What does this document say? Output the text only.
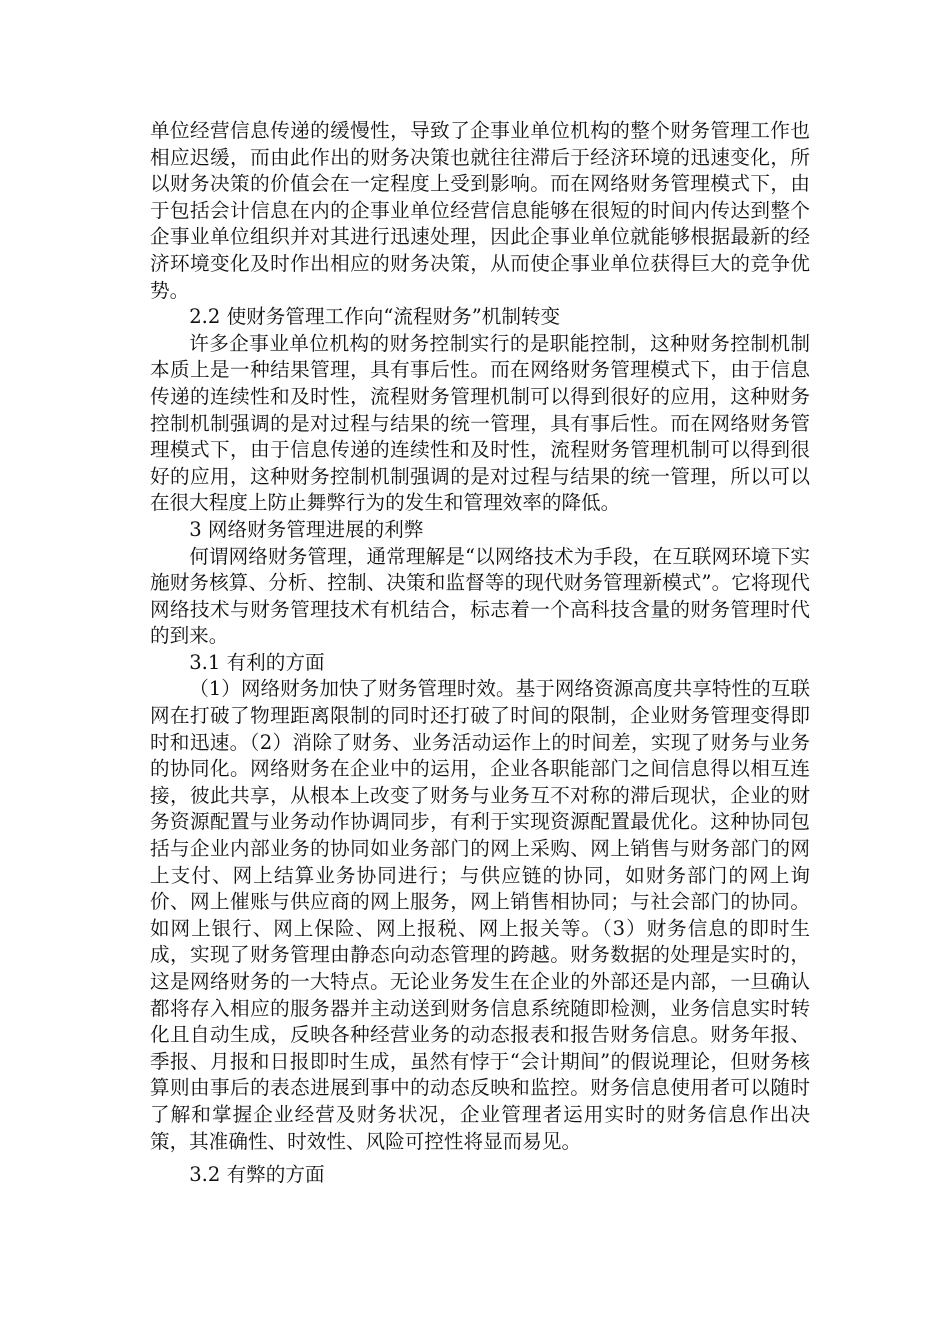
单位经营信息传递的缓慢性，导致了企事业单位机构的整个财务管理工作也相应迟缓，而由此作出的财务决策也就往往滞后于经济环境的迅速变化，所以财务决策的价值会在一定程度上受到影响。而在网络财务管理模式下，由于包括会计信息在内的企事业单位经营信息能够在很短的时间内传达到整个企事业单位组织并对其进行迅速处理，因此企事业单位就能够根据最新的经济环境变化及时作出相应的财务决策，从而使企事业单位获得巨大的竞争优势。

2.2 使财务管理工作向“流程财务”机制转变

许多企事业单位机构的财务控制实行的是职能控制，这种财务控制机制本质上是一种结果管理，具有事后性。而在网络财务管理模式下，由于信息传递的连续性和及时性，流程财务管理机制可以得到很好的应用，这种财务控制机制强调的是对过程与结果的统一管理，具有事后性。而在网络财务管理模式下，由于信息传递的连续性和及时性，流程财务管理机制可以得到很好的应用，这种财务控制机制强调的是对过程与结果的统一管理，所以可以在很大程度上防止舞弊行为的发生和管理效率的降低。

3 网络财务管理进展的利弊

何谓网络财务管理，通常理解是“以网络技术为手段，在互联网环境下实施财务核算、分析、控制、决策和监督等的现代财务管理新模式”。它将现代网络技术与财务管理技术有机结合，标志着一个高科技含量的财务管理时代的到来。

3.1 有利的方面

（1）网络财务加快了财务管理时效。基于网络资源高度共享特性的互联网在打破了物理距离限制的同时还打破了时间的限制，企业财务管理变得即时和迅速。（2）消除了财务、业务活动运作上的时间差，实现了财务与业务的协同化。网络财务在企业中的运用，企业各职能部门之间信息得以相互连接，彼此共享，从根本上改变了财务与业务互不对称的滞后现状，企业的财务资源配置与业务动作协调同步，有利于实现资源配置最优化。这种协同包括与企业内部业务的协同如业务部门的网上采购、网上销售与财务部门的网上支付、网上结算业务协同进行；与供应链的协同，如财务部门的网上询价、网上催账与供应商的网上服务，网上销售相协同；与社会部门的协同。如网上银行、网上保险、网上报税、网上报关等。（3）财务信息的即时生成，实现了财务管理由静态向动态管理的跨越。财务数据的处理是实时的，这是网络财务的一大特点。无论业务发生在企业的外部还是内部，一旦确认都将存入相应的服务器并主动送到财务信息系统随即检测，业务信息实时转化且自动生成，反映各种经营业务的动态报表和报告财务信息。财务年报、季报、月报和日报即时生成，虽然有悖于“会计期间”的假说理论，但财务核算则由事后的表态进展到事中的动态反映和监控。财务信息使用者可以随时了解和掌握企业经营及财务状况，企业管理者运用实时的财务信息作出决策，其准确性、时效性、风险可控性将显而易见。

3.2 有弊的方面
